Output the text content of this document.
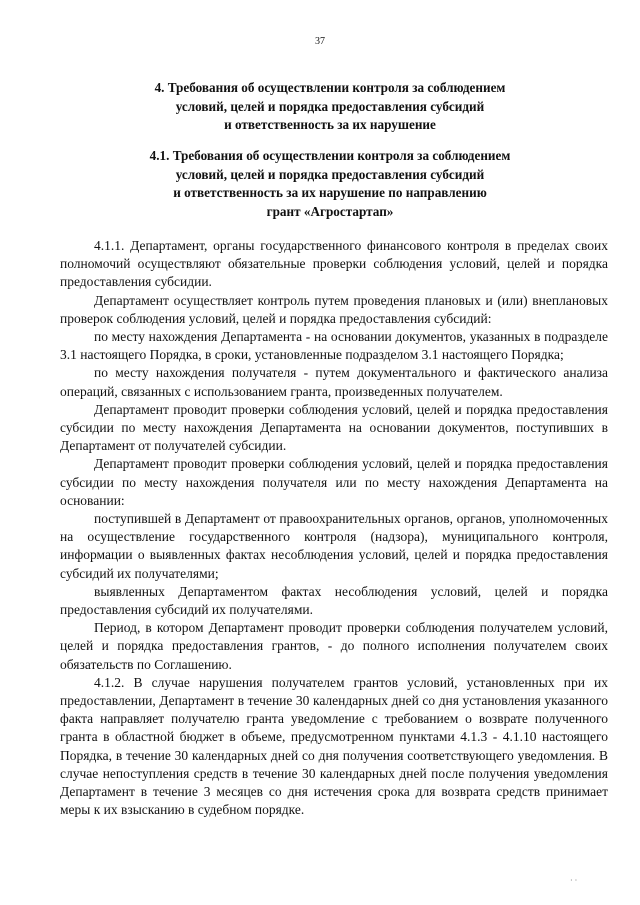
37
4. Требования об осуществлении контроля за соблюдением
условий, целей и порядка предоставления субсидий
и ответственность за их нарушение
4.1. Требования об осуществлении контроля за соблюдением
условий, целей и порядка предоставления субсидий
и ответственность за их нарушение по направлению
грант «Агростартап»

4.1.1. Департамент, органы государственного финансового контроля в пределах своих полномочий осуществляют обязательные проверки соблюдения условий, целей и порядка предоставления субсидии.

Департамент осуществляет контроль путем проведения плановых и (или) внеплановых проверок соблюдения условий, целей и порядка предоставления субсидий:

по месту нахождения Департамента - на основании документов, указанных в подразделе 3.1 настоящего Порядка, в сроки, установленные подразделом 3.1 настоящего Порядка;

по месту нахождения получателя - путем документального и фактического анализа операций, связанных с использованием гранта, произведенных получателем.

Департамент проводит проверки соблюдения условий, целей и порядка предоставления субсидии по месту нахождения Департамента на основании документов, поступивших в Департамент от получателей субсидии.

Департамент проводит проверки соблюдения условий, целей и порядка предоставления субсидии по месту нахождения получателя или по месту нахождения Департамента на основании:

поступившей в Департамент от правоохранительных органов, органов, уполномоченных на осуществление государственного контроля (надзора), муниципального контроля, информации о выявленных фактах несоблюдения условий, целей и порядка предоставления субсидий их получателями;

выявленных Департаментом фактах несоблюдения условий, целей и порядка предоставления субсидий их получателями.

Период, в котором Департамент проводит проверки соблюдения получателем условий, целей и порядка предоставления грантов, - до полного исполнения получателем своих обязательств по Соглашению.

4.1.2. В случае нарушения получателем грантов условий, установленных при их предоставлении, Департамент в течение 30 календарных дней со дня установления указанного факта направляет получателю гранта уведомление с требованием о возврате полученного гранта в областной бюджет в объеме, предусмотренном пунктами 4.1.3 - 4.1.10 настоящего Порядка, в течение 30 календарных дней со дня получения соответствующего уведомления. В случае непоступления средств в течение 30 календарных дней после получения уведомления Департамент в течение 3 месяцев со дня истечения срока для возврата средств принимает меры к их взысканию в судебном порядке.

· ·
